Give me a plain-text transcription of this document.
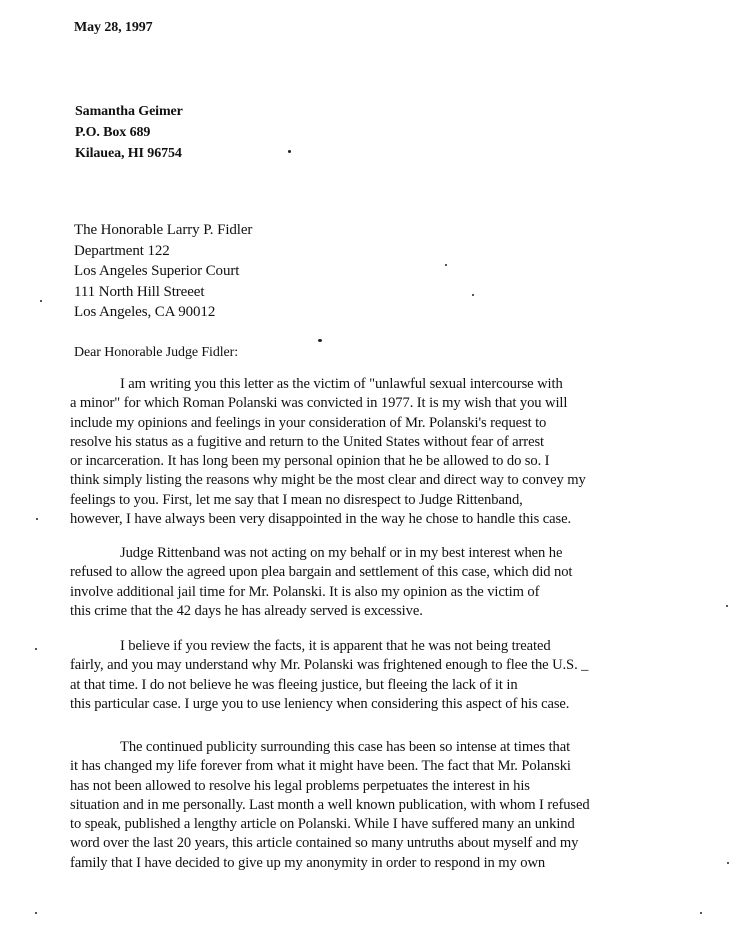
May 28, 1997
Samantha Geimer
P.O. Box 689
Kilauea, HI 96754
The Honorable Larry P. Fidler
Department 122
Los Angeles Superior Court
111 North Hill Streeet
Los Angeles, CA 90012
Dear Honorable Judge Fidler:
I am writing you this letter as the victim of "unlawful sexual intercourse with
a minor" for which Roman Polanski was convicted in 1977. It is my wish that you will
include my opinions and feelings in your consideration of Mr. Polanski's request to
resolve his status as a fugitive and return to the United States without fear of arrest
or incarceration. It has long been my personal opinion that he be allowed to do so. I
think simply listing the reasons why might be the most clear and direct way to convey my
feelings to you. First, let me say that I mean no disrespect to Judge Rittenband,
however, I have always been very disappointed in the way he chose to handle this case.
Judge Rittenband was not acting on my behalf or in my best interest when he
refused to allow the agreed upon plea bargain and settlement of this case, which did not
involve additional jail time for Mr. Polanski. It is also my opinion as the victim of
this crime that the 42 days he has already served is excessive.
I believe if you review the facts, it is apparent that he was not being treated
fairly, and you may understand why Mr. Polanski was frightened enough to flee the U.S. _
at that time. I do not believe he was fleeing justice, but fleeing the lack of it in
this particular case. I urge you to use leniency when considering this aspect of his case.
The continued publicity surrounding this case has been so intense at times that
it has changed my life forever from what it might have been. The fact that Mr. Polanski
has not been allowed to resolve his legal problems perpetuates the interest in his
situation and in me personally. Last month a well known publication, with whom I refused
to speak, published a lengthy article on Polanski. While I have suffered many an unkind
word over the last 20 years, this article contained so many untruths about myself and my
family that I have decided to give up my anonymity in order to respond in my own
